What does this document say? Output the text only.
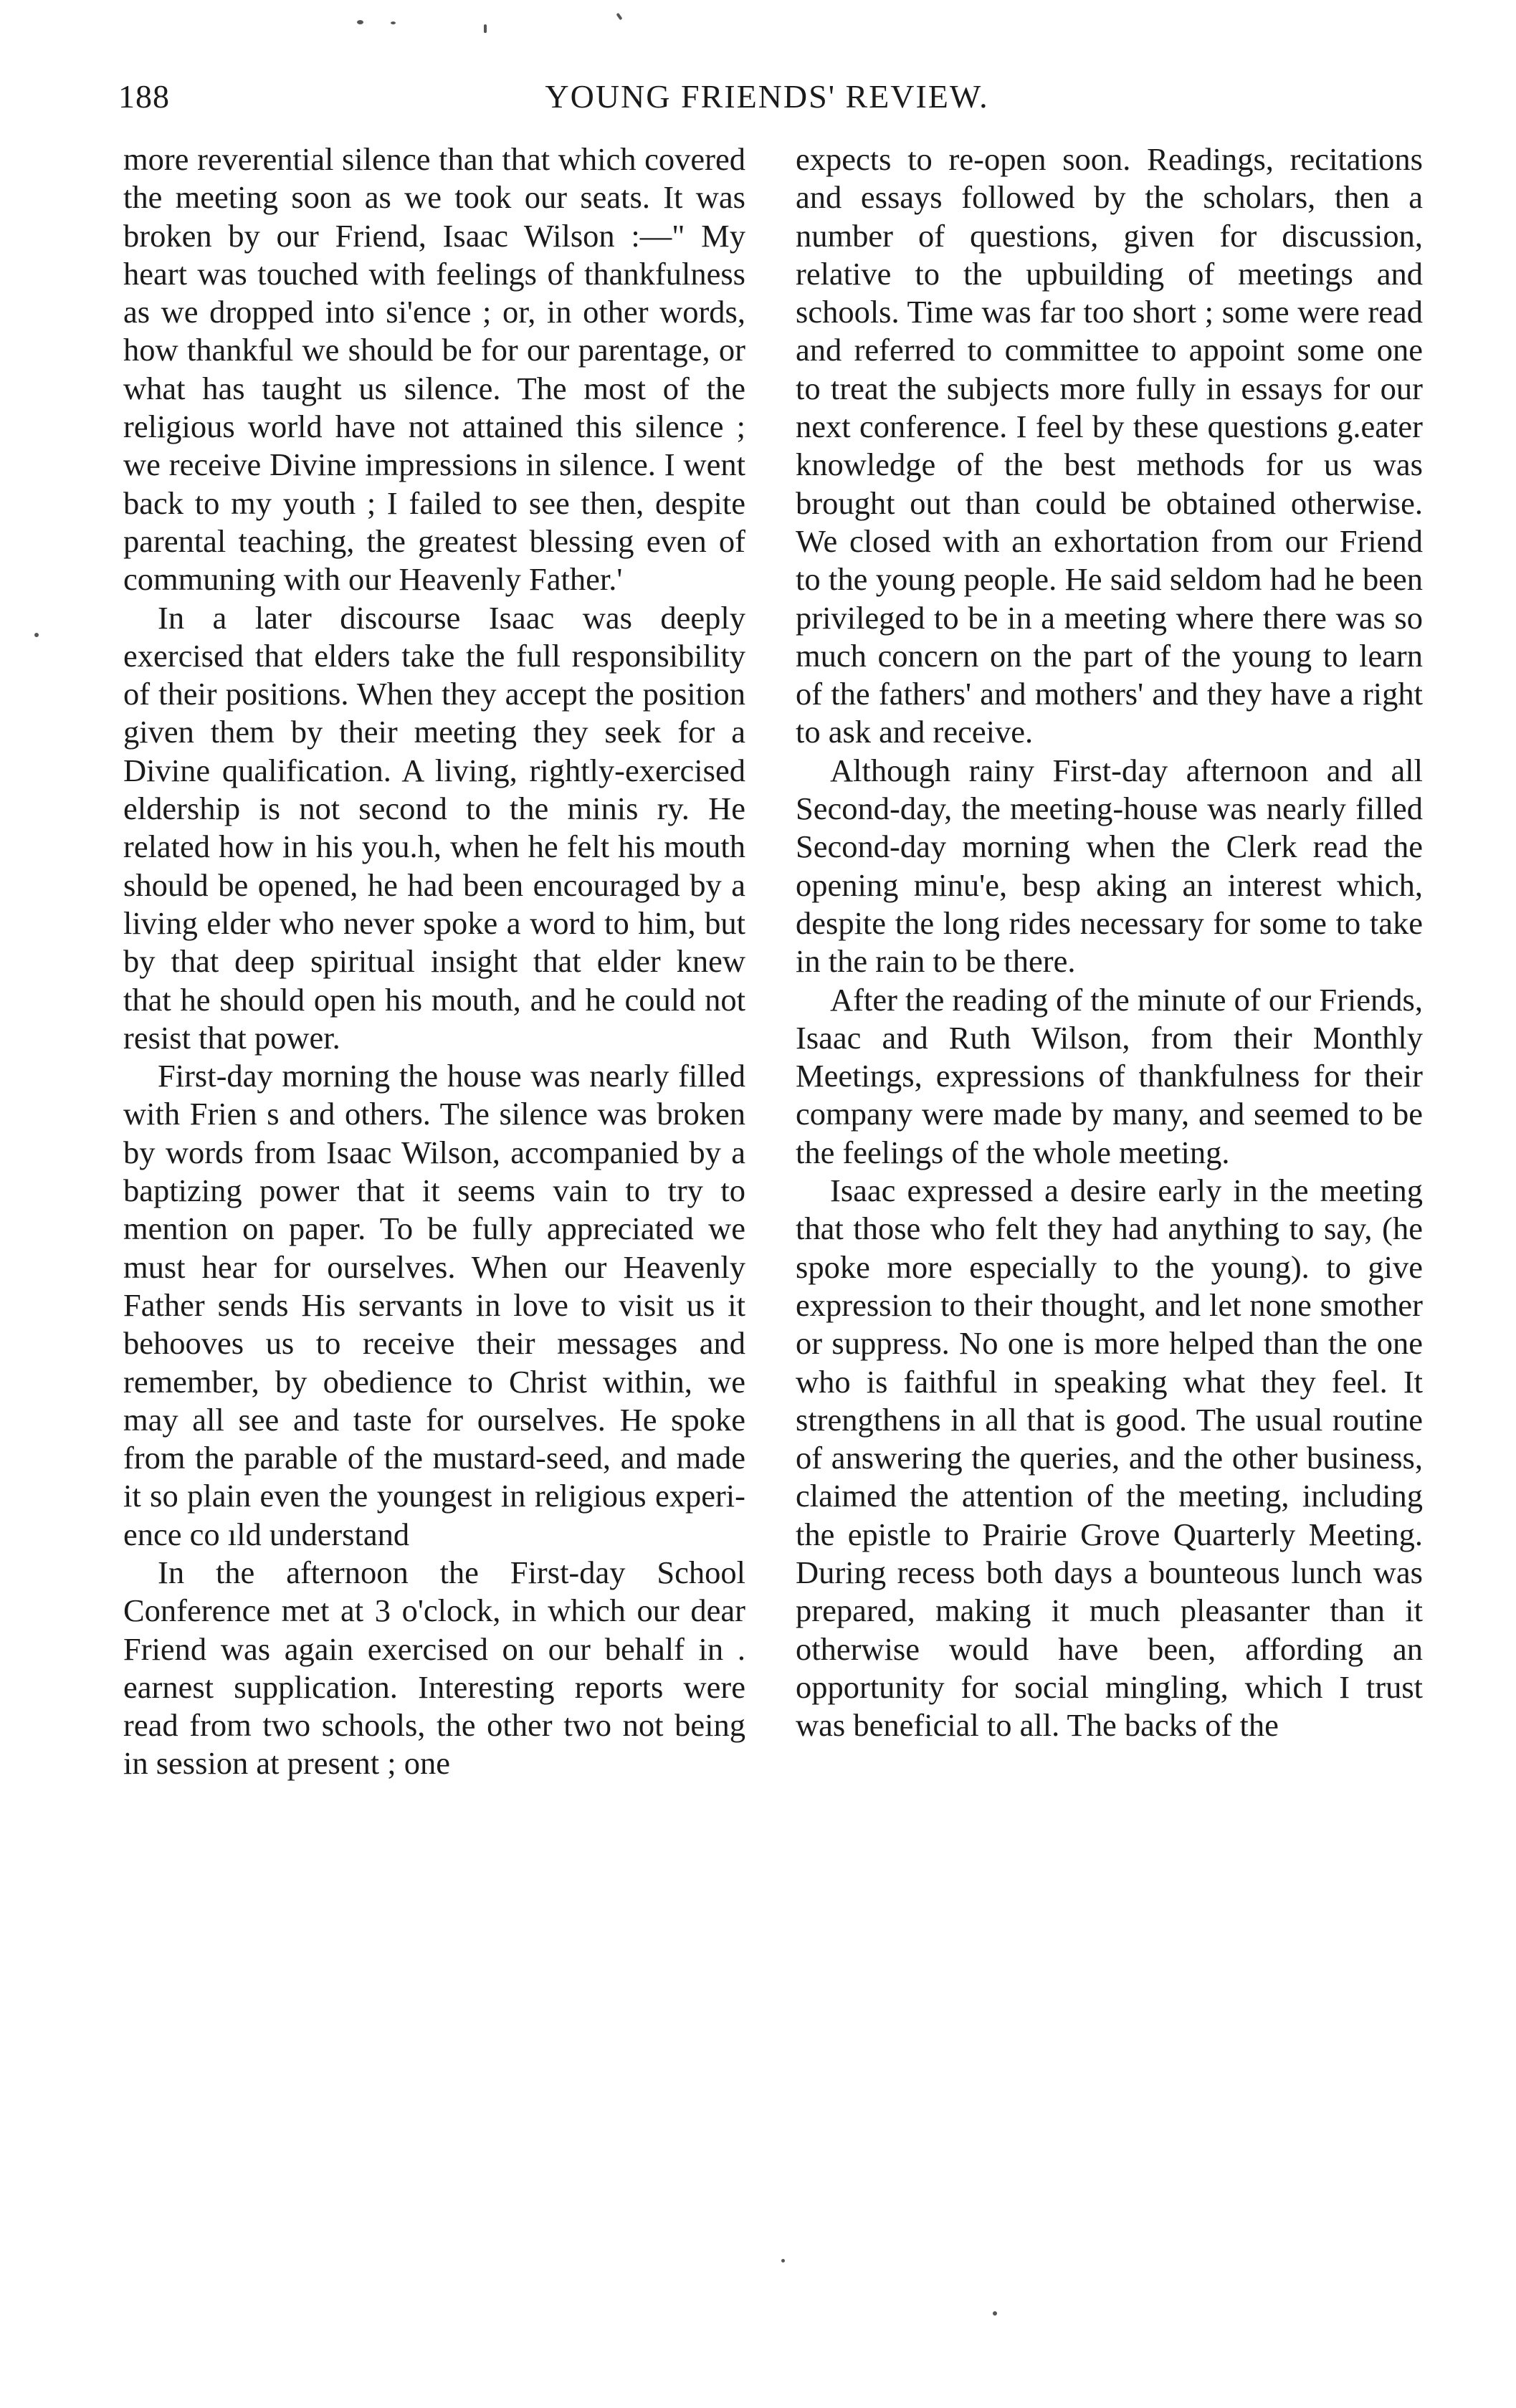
188	YOUNG FRIENDS' REVIEW.

more reverential silence than that which covered the meeting soon as we took our seats. It was broken by our Friend, Isaac Wilson :—" My heart was touched with feelings of thankfulness as we dropped into si'ence ; or, in other words, how thankful we should be for our parentage, or what has taught us silence. The most of the religious world have not attained this silence ; we receive Divine impressions in silence. I went back to my youth ; I failed to see then, despite parental teaching, the greatest blessing even of communing with our Heavenly Father.'

In a later discourse Isaac was deeply exercised that elders take the full responsibility of their positions. When they accept the position given them by their meeting they seek for a Divine qualification. A living, rightly-exercised eldership is not second to the minis ry. He related how in his you.h, when he felt his mouth should be opened, he had been encouraged by a living elder who never spoke a word to him, but by that deep spiritual insight that elder knew that he should open his mouth, and he could not resist that power.

First-day morning the house was nearly filled with Frien s and others. The silence was broken by words from Isaac Wilson, accompanied by a baptizing power that it seems vain to try to mention on paper. To be fully appreciated we must hear for ourselves. When our Heavenly Father sends His servants in love to visit us it behooves us to receive their messages and remember, by obedience to Christ within, we may all see and taste for ourselves. He spoke from the parable of the mustard-seed, and made it so plain even the youngest in religious experience co ıld understand

In the afternoon the First-day School Conference met at 3 o'clock, in which our dear Friend was again exercised on our behalf in . earnest supplication. Interesting reports were read from two schools, the other two not being in session at present ; one

expects to re-open soon. Readings, recitations and essays followed by the scholars, then a number of questions, given for discussion, relative to the upbuilding of meetings and schools. Time was far too short ; some were read and referred to committee to appoint some one to treat the subjects more fully in essays for our next conference. I feel by these questions g.eater knowledge of the best methods for us was brought out than could be obtained otherwise. We closed with an exhortation from our Friend to the young people. He said seldom had he been privileged to be in a meeting where there was so much concern on the part of the young to learn of the fathers' and mothers' and they have a right to ask and receive.

Although rainy First-day afternoon and all Second-day, the meeting-house was nearly filled Second-day morning when the Clerk read the opening minu'e, besp aking an interest which, despite the long rides necessary for some to take in the rain to be there.

After the reading of the minute of our Friends, Isaac and Ruth Wilson, from their Monthly Meetings, expressions of thankfulness for their company were made by many, and seemed to be the feelings of the whole meeting.

Isaac expressed a desire early in the meeting that those who felt they had anything to say, (he spoke more especially to the young). to give expression to their thought, and let none smother or suppress. No one is more helped than the one who is faithful in speaking what they feel. It strengthens in all that is good. The usual routine of answering the queries, and the other business, claimed the attention of the meeting, including the epistle to Prairie Grove Quarterly Meeting. During recess both days a bounteous lunch was prepared, making it much pleasanter than it otherwise would have been, affording an opportunity for social mingling, which I trust was beneficial to all. The backs of the
